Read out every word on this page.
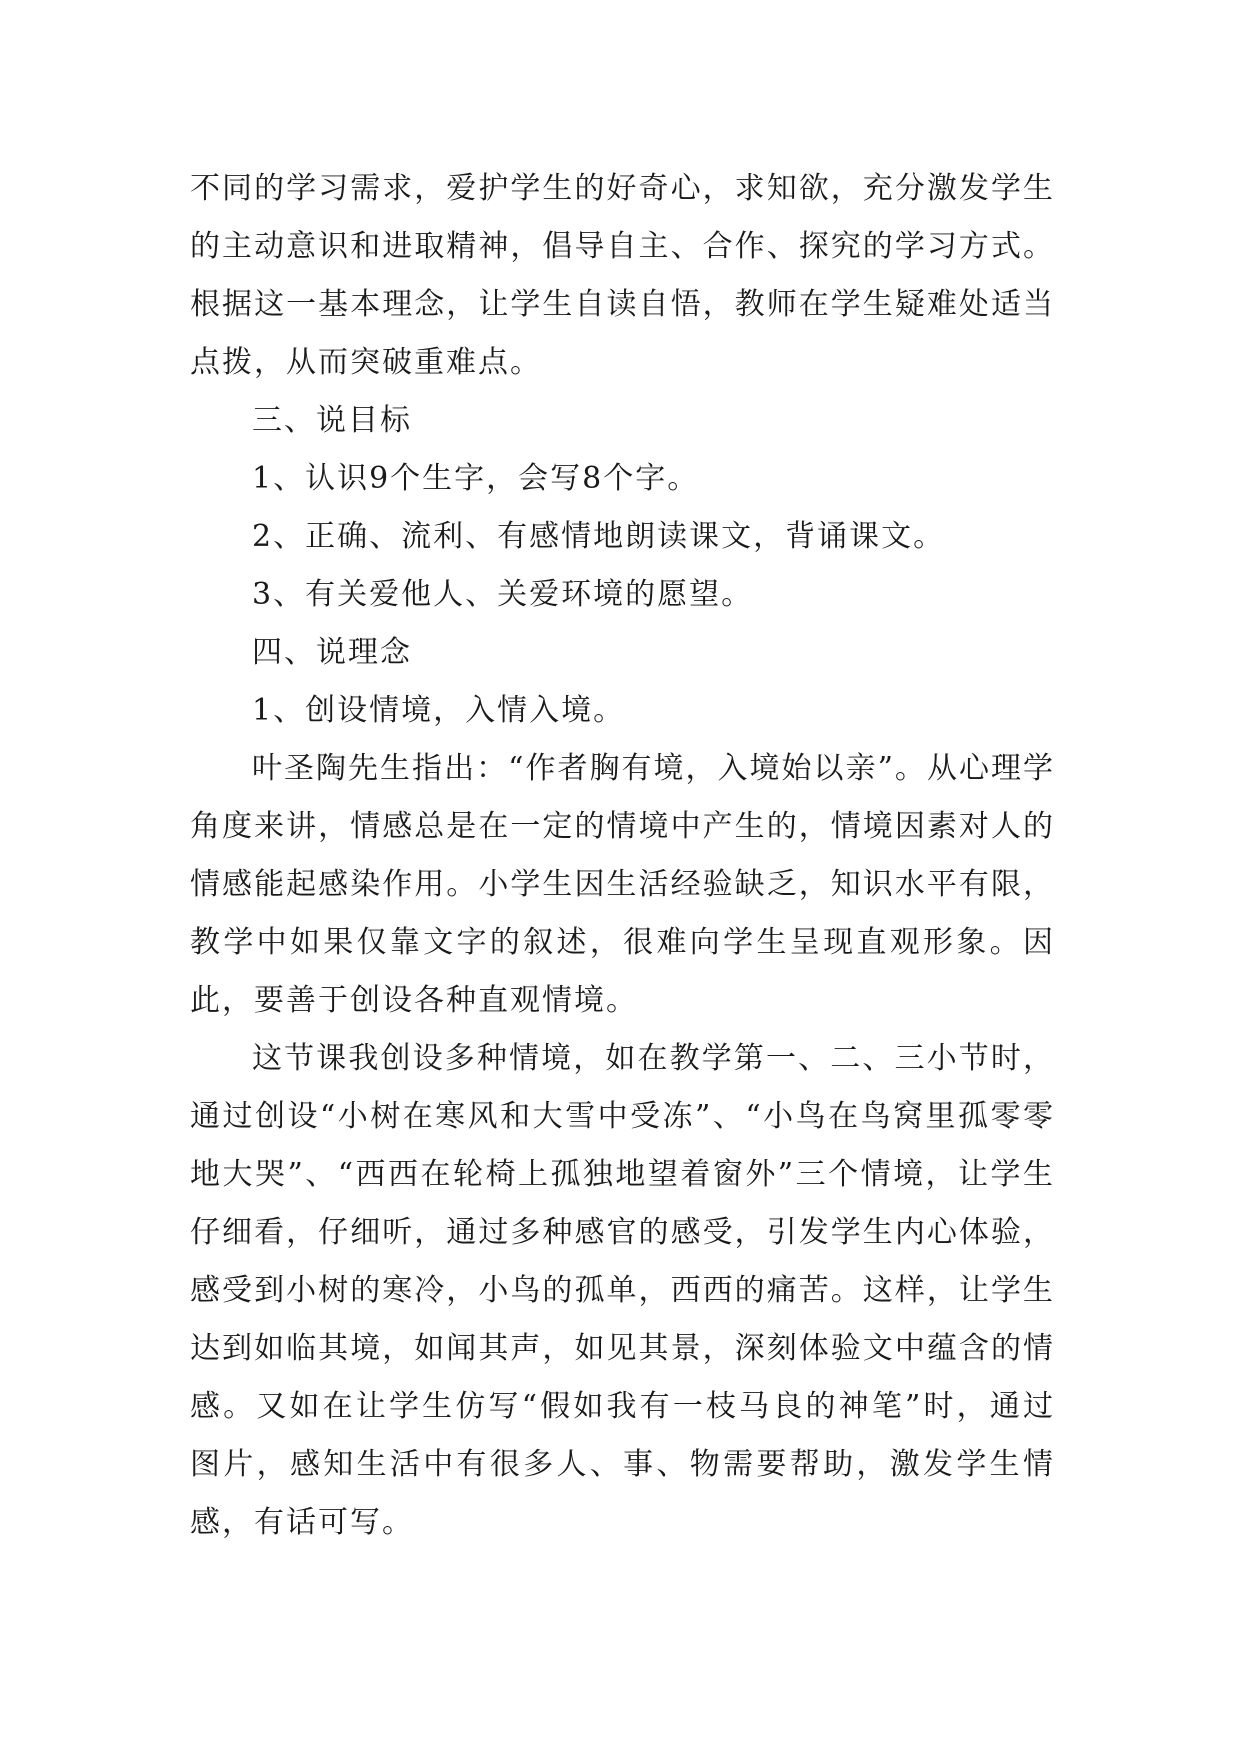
不同的学习需求，爱护学生的好奇心，求知欲，充分激发学生的主动意识和进取精神，倡导自主、合作、探究的学习方式。根据这一基本理念，让学生自读自悟，教师在学生疑难处适当点拨，从而突破重难点。

三、说目标

1、认识9个生字，会写8个字。

2、正确、流利、有感情地朗读课文，背诵课文。

3、有关爱他人、关爱环境的愿望。

四、说理念

1、创设情境，入情入境。

叶圣陶先生指出：“作者胸有境，入境始以亲”。从心理学角度来讲，情感总是在一定的情境中产生的，情境因素对人的情感能起感染作用。小学生因生活经验缺乏，知识水平有限，教学中如果仅靠文字的叙述，很难向学生呈现直观形象。因此，要善于创设各种直观情境。

这节课我创设多种情境，如在教学第一、二、三小节时，通过创设“小树在寒风和大雪中受冻”、“小鸟在鸟窝里孤零零地大哭”、“西西在轮椅上孤独地望着窗外”三个情境，让学生仔细看，仔细听，通过多种感官的感受，引发学生内心体验，感受到小树的寒冷，小鸟的孤单，西西的痛苦。这样，让学生达到如临其境，如闻其声，如见其景，深刻体验文中蕴含的情感。又如在让学生仿写“假如我有一枝马良的神笔”时，通过图片，感知生活中有很多人、事、物需要帮助，激发学生情感，有话可写。
